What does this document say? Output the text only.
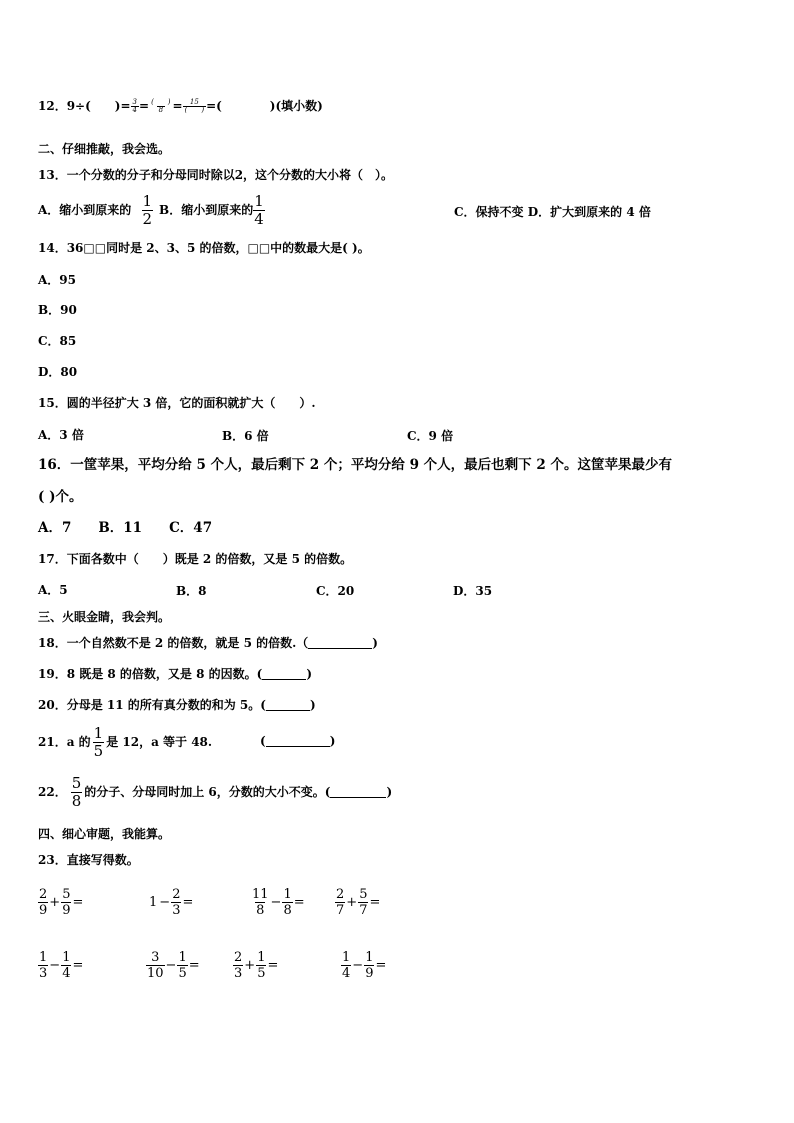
12．9÷(　　)= $\frac{3}{4}$ = (　　)
8 = 15
(　　) =(　　　　)(填小数)
二、仔细推敲，我会选。
13．一个分数的分子和分母同时除以2，这个分数的大小将（　）。
A．缩小到原来的 $\frac{1}{2}$ B．缩小到原来的 $\frac{1}{4}$	C．保持不变 D．扩大到原来的 4 倍
14．36□□同时是 2、3、5 的倍数，□□中的数最大是( )。
A．95
B．90
C．85
D．80
15．圆的半径扩大 3 倍，它的面积就扩大（　　）.
A．3 倍	B．6 倍	C．9 倍
16．一筐苹果，平均分给 5 个人，最后剩下 2 个；平均分给 9 个人，最后也剩下 2 个。这筐苹果最少有
( )个。
A．7　　B．11　　C．47
17．下面各数中（　　）既是 2 的倍数，又是 5 的倍数。
A．5	B．8	C．20	D．35
三、火眼金睛，我会判。
18．一个自然数不是 2 的倍数，就是 5 的倍数.（	)
19．8 既是 8 的倍数，又是 8 的因数。(	)
20．分母是 11 的所有真分数的和为 5。(	)
21．a 的 $\frac{1}{5}$ 是 12，a 等于 48.	(	)
22． $\frac{5}{8}$ 的分子、分母同时加上 6，分数的大小不变。(	)
四、细心审题，我能算。
23．直接写得数。
$\frac{2}{9} + \frac{5}{9}$ =	$1 - \frac{2}{3}$ =	$\frac{11}{8} - \frac{1}{8} = \frac{2}{7} + \frac{5}{7}$ =
$\frac{1}{3} - \frac{1}{4}$ =	$\frac{3}{10} - \frac{1}{5}$ =	$\frac{2}{3} + \frac{1}{5}$ =	$\frac{1}{4} - \frac{1}{9}$ =
